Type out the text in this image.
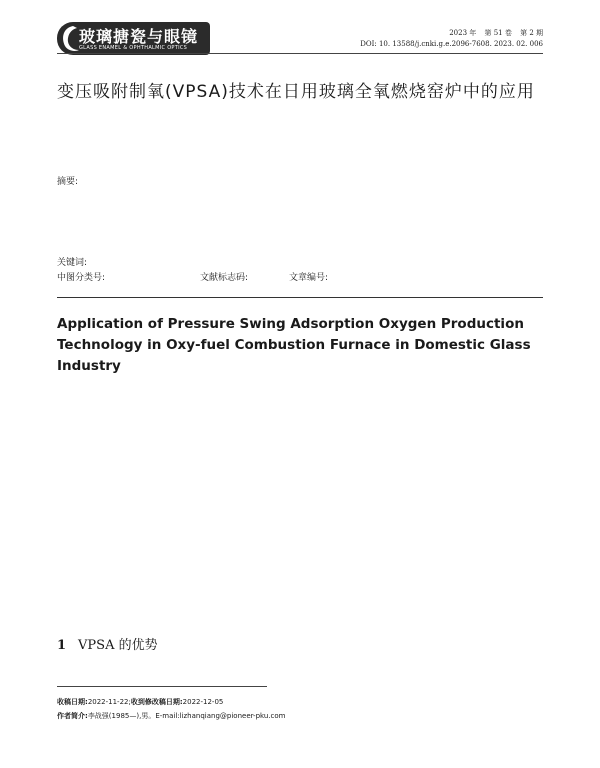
玻璃搪瓷与眼镜
GLASS ENAMEL & OPHTHALMIC OPTICS
2023 年 第 51 卷 第 2 期
DOI: 10. 13588/j.cnki.g.e.2096-7608. 2023. 02. 006
变压吸附制氧(VPSA)技术在日用玻璃全氧燃烧窑炉中的应用
摘要:
关键词:
中图分类号:	文献标志码:	文章编号:
Application of Pressure Swing Adsorption Oxygen Production Technology in Oxy-fuel Combustion Furnace in Domestic Glass Industry
1 VPSA 的优势
收稿日期:2022-11-22;收到修改稿日期:2022-12-05
作者简介:李战强(1985—),男。E-mail:lizhanqiang@pioneer-pku.com
